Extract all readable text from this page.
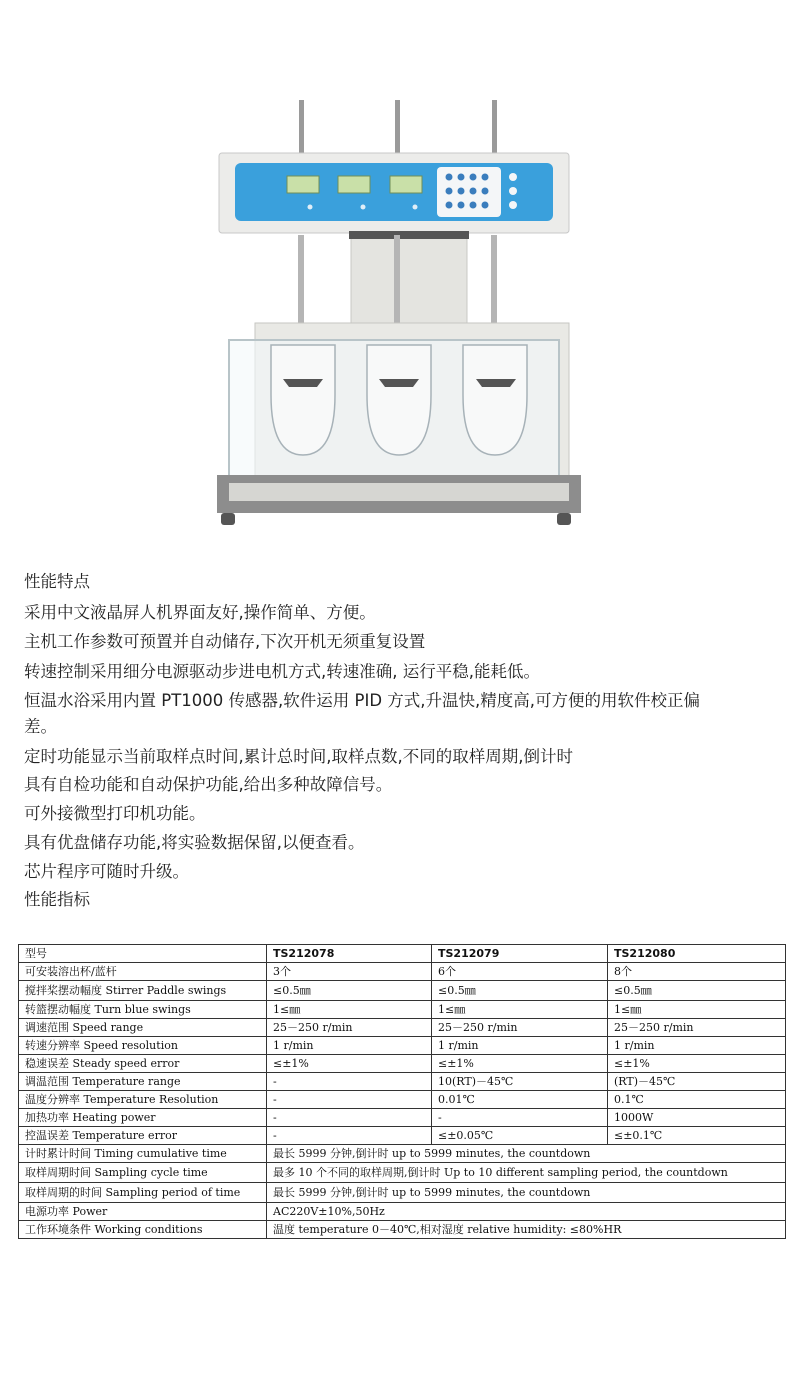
性能特点
采用中文液晶屏人机界面友好,操作简单、方便。
主机工作参数可预置并自动储存,下次开机无须重复设置
转速控制采用细分电源驱动步进电机方式,转速准确, 运行平稳,能耗低。
恒温水浴采用内置 PT1000 传感器,软件运用 PID 方式,升温快,精度高,可方便的用软件校正偏
差。
定时功能显示当前取样点时间,累计总时间,取样点数,不同的取样周期,倒计时
具有自检功能和自动保护功能,给出多种故障信号。
可外接微型打印机功能。
具有优盘储存功能,将实验数据保留,以便查看。
芯片程序可随时升级。
性能指标
型号	TS212078	TS212079	TS212080
可安装溶出杯/蓝杆	3个	6个	8个
搅拌桨摆动幅度 Stirrer Paddle swings	≤0.5㎜	≤0.5㎜	≤0.5㎜
转篮摆动幅度 Turn blue swings	1≤㎜	1≤㎜	1≤㎜
调速范围 Speed range	25－250 r/min	25－250 r/min	25－250 r/min
转速分辨率 Speed resolution	1 r/min	1 r/min	1 r/min
稳速误差 Steady speed error	≤±1%	≤±1%	≤±1%
调温范围 Temperature range	-	10(RT)－45℃	(RT)－45℃
温度分辨率 Temperature Resolution	-	0.01℃	0.1℃
加热功率 Heating power	-	-	1000W
控温误差 Temperature error	-	≤±0.05℃	≤±0.1℃
计时累计时间 Timing cumulative time	最长 5999 分钟,倒计时 up to 5999 minutes, the countdown		
取样周期时间 Sampling cycle time	最多 10 个不同的取样周期,倒计时 Up to 10 different sampling period, the countdown		
取样周期的时间 Sampling period of time	最长 5999 分钟,倒计时 up to 5999 minutes, the countdown		
电源功率 Power	AC220V±10%,50Hz		
工作环境条件 Working conditions	温度 temperature 0－40℃,相对湿度 relative humidity: ≤80%HR		
